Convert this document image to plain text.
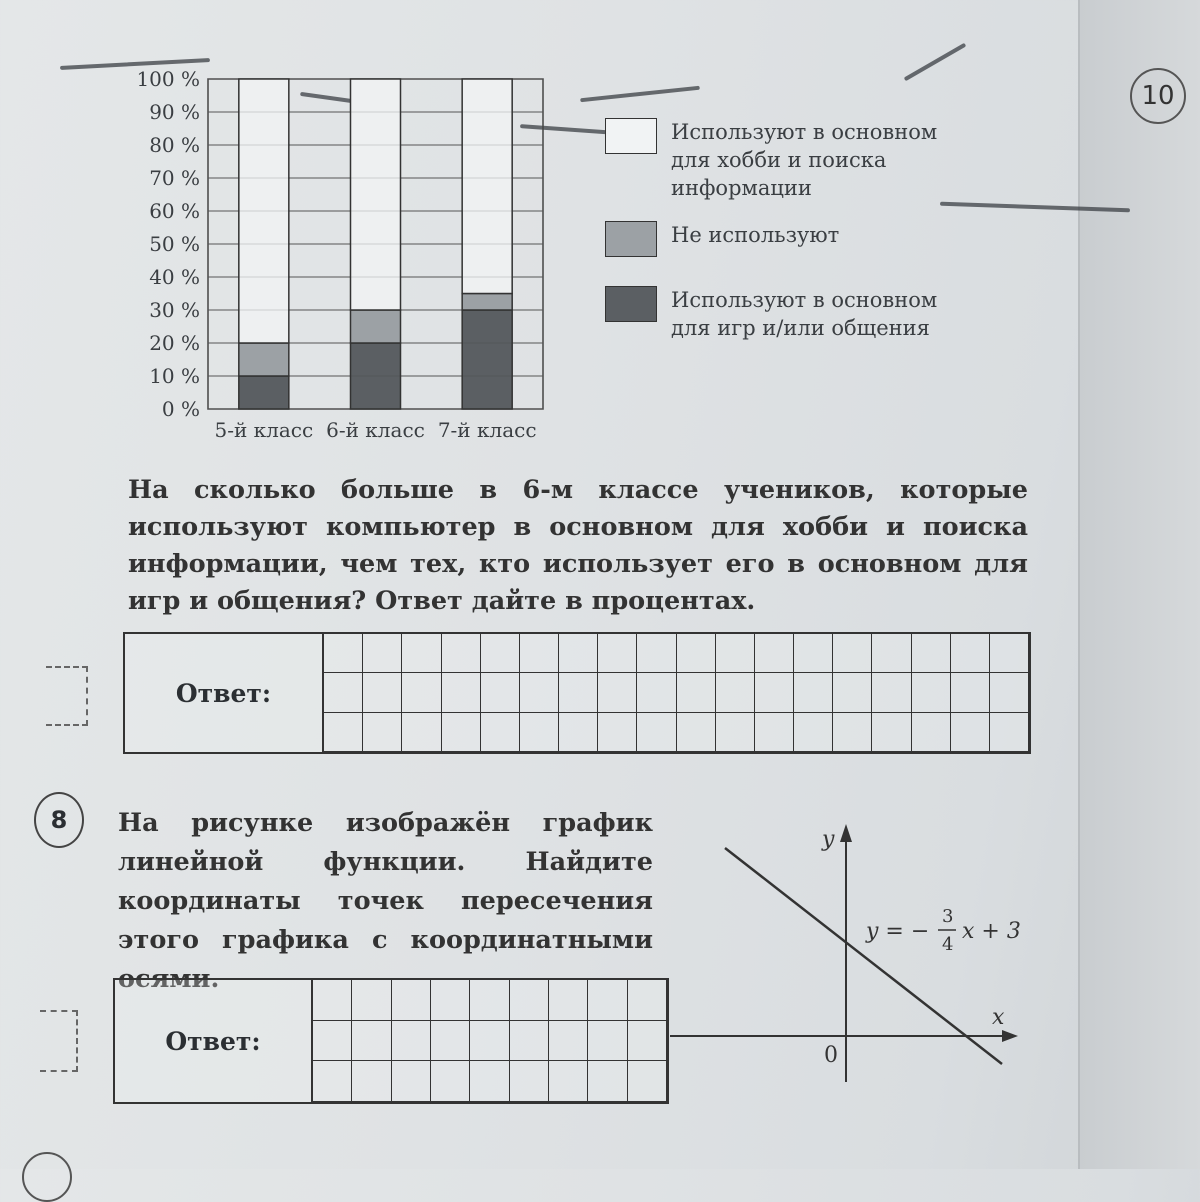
10
0 %
10 %
20 %
30 %
40 %
50 %
60 %
70 %
80 %
90 %
100 %
5-й класс 6-й класс 7-й класс
Используют в основном для хобби и поиска информации
Не используют
Используют в основном для игр и/или общения
На сколько больше в 6-м классе учеников, которые используют компьютер в основном для хобби и поиска информации, чем тех, кто использует его в основном для игр и общения? Ответ дайте в процентах.
Ответ:
8	На рисунке изображён график линейной функции. Найдите координаты точек пересечения этого графика с координатными осями.
Ответ:
y
x
0
y = −
3
4
x + 3
